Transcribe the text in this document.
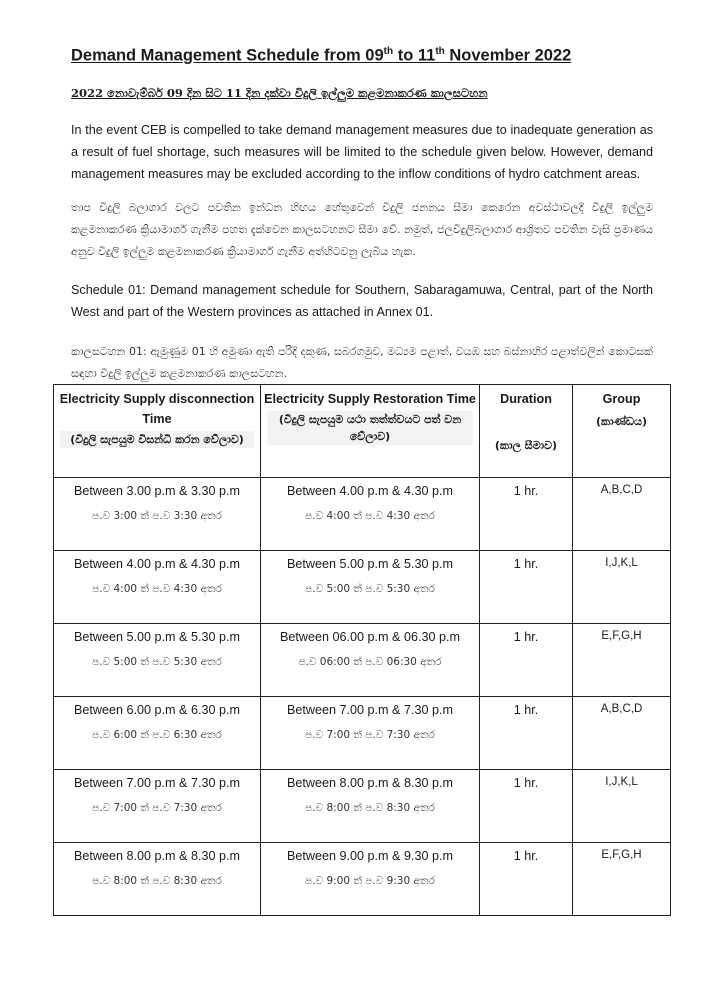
Demand Management Schedule from 09th to 11th November 2022

2022 නොවැම්බර් 09 දින සිට 11 දින දක්වා විදුලි ඉල්ලුම කළමනාකරණ කාලසටහන

In the event CEB is compelled to take demand management measures due to inadequate generation as a result of fuel shortage, such measures will be limited to the schedule given below. However, demand management measures may be excluded according to the inflow conditions of hydro catchment areas.

තාප විදුලි බලාගාර වලට පවතින ඉන්ධන හිඟය හේතුවෙන් විදුලි ජනනය සීමා කෙරෙන අවස්ථාවලදී විදුලි ඉල්ලුම කළමනාකරණ ක්‍රියාමාර්ග ගැනීම පහත දැක්වෙන කාලසටහනට සීමා වේ. නමුත්, ජලවිදුලිබලාගාර ආශ්‍රිතව පවතින වැසි ප්‍රමාණය අනුව විදුලි ඉල්ලුම කළමනාකරණ ක්‍රියාමාර්ග ගැනීම අත්හිටවනු ලැබිය හැක.

Schedule 01: Demand management schedule for Southern, Sabaragamuwa, Central, part of the North West and part of the Western provinces as attached in Annex 01.

කාලසටහන 01: ඇමුණුම 01 හි අමුණා ඇති පරිදි දකුණ, සබරගමුව, මධ්‍යම පළාත්, වයඹ සහ බස්නාහිර පළාත්වලින් කොටසක් සඳහා විදුලි ඉල්ලුම කළමනාකරණ කාලසටහන.

Electricity Supply disconnection Time
(විදුලි සැපයුම විසන්ධි කරන වේලාව)	Electricity Supply Restoration Time
(විදුලි සැපයුම යථා තත්ත්වයට පත් වන වේලාව)	Duration
(කාල සීමාව)	Group
(කාණ්ඩය)

Between 3.00 p.m & 3.30 p.m
ප.ව 3:00 ත් ප.ව 3:30 අතර	Between 4.00 p.m & 4.30 p.m
ප.ව 4:00 ත් ප.ව 4:30 අතර	1 hr.	A,B,C,D

Between 4.00 p.m & 4.30 p.m
ප.ව 4:00 ත් ප.ව 4:30 අතර	Between 5.00 p.m & 5.30 p.m
ප.ව 5:00 ත් ප.ව 5:30 අතර	1 hr.	I,J,K,L

Between 5.00 p.m & 5.30 p.m
ප.ව 5:00 ත් ප.ව 5:30 අතර	Between 06.00 p.m & 06.30 p.m
ප.ව 06:00 ත් ප.ව 06:30 අතර	1 hr.	E,F,G,H

Between 6.00 p.m & 6.30 p.m
ප.ව 6:00 ත් ප.ව 6:30 අතර	Between 7.00 p.m & 7.30 p.m
ප.ව 7:00 ත් ප.ව 7:30 අතර	1 hr.	A,B,C,D

Between 7.00 p.m & 7.30 p.m
ප.ව 7:00 ත් ප.ව 7:30 අතර	Between 8.00 p.m & 8.30 p.m
ප.ව 8:00 ත් ප.ව 8:30 අතර	1 hr.	I,J,K,L

Between 8.00 p.m & 8.30 p.m
ප.ව 8:00 ත් ප.ව 8:30 අතර	Between 9.00 p.m & 9.30 p.m
ප.ව 9:00 ත් ප.ව 9:30 අතර	1 hr.	E,F,G,H
